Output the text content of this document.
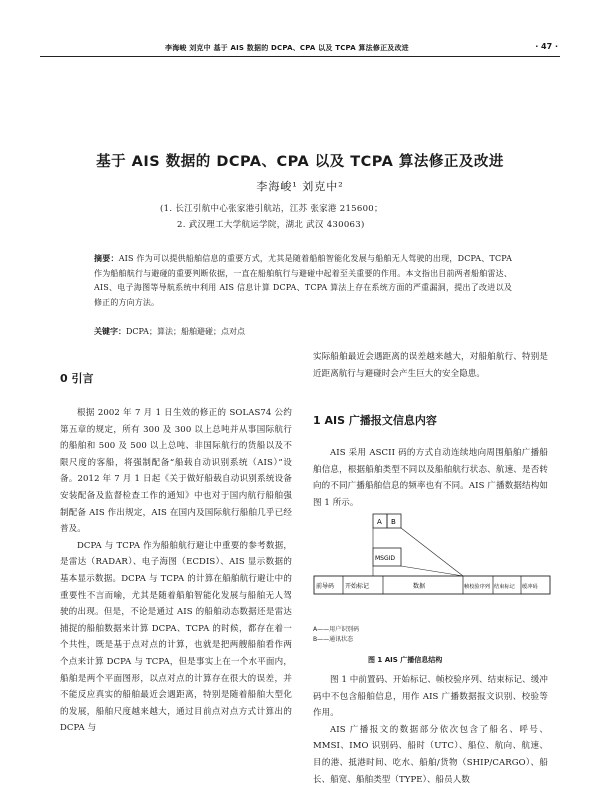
李海峻 刘克中 基于 AIS 数据的 DCPA、CPA 以及 TCPA 算法修正及改进	· 47 ·
基于 AIS 数据的 DCPA、CPA 以及 TCPA 算法修正及改进
李海峻¹ 刘克中²
(1. 长江引航中心张家港引航站，江苏 张家港 215600；
2. 武汉理工大学航运学院，湖北 武汉 430063)
摘要：AIS 作为可以提供船舶信息的重要方式，尤其是随着船舶智能化发展与船舶无人驾驶的出现，DCPA、TCPA 作为船舶航行与避碰的重要判断依据，一直在船舶航行与避碰中起着至关重要的作用。本文指出目前两者船舶雷达、AIS、电子海图等导航系统中利用 AIS 信息计算 DCPA、TCPA 算法上存在系统方面的严重漏洞，提出了改进以及修正的方向方法。
关键字：DCPA；算法；船舶避碰；点对点
0 引言

根据 2002 年 7 月 1 日生效的修正的 SOLAS74 公约第五章的规定，所有 300 及 300 以上总吨并从事国际航行的船舶和 500 及 500 以上总吨、非国际航行的货船以及不限尺度的客船，将强制配备“船载自动识别系统（AIS）”设备。2012 年 7 月 1 日起《关于做好船载自动识别系统设备安装配备及监督检查工作的通知》中也对于国内航行船舶强制配备 AIS 作出规定，AIS 在国内及国际航行船舶几乎已经普及。

DCPA 与 TCPA 作为船舶航行避让中重要的参考数据，是雷达（RADAR）、电子海图（ECDIS）、AIS 显示数据的基本显示数据。DCPA 与 TCPA 的计算在船舶航行避让中的重要性不言而喻，尤其是随着船舶智能化发展与船舶无人驾驶的出现。但是，不论是通过 AIS 的船舶动态数据还是雷达捕捉的船舶数据来计算 DCPA、TCPA 的时候，都存在着一个共性，既是基于点对点的计算，也就是把两艘船舶看作两个点来计算 DCPA 与 TCPA，但是事实上在一个水平面内，船舶是两个平面图形，以点对点的计算存在很大的误差，并不能反应真实的船舶最近会遇距离，特别是随着船舶大型化的发展，船舶尺度越来越大，通过目前点对点方式计算出的 DCPA 与

实际船舶最近会遇距离的误差越来越大，对船舶航行、特别是近距离航行与避碰时会产生巨大的安全隐患。

1 AIS 广播报文信息内容

AIS 采用 ASCII 码的方式自动连续地向周围船舶广播船舶信息，根据船舶类型不同以及船舶航行状态、航速、是否转向的不同广播船舶信息的频率也有不同。AIS 广播数据结构如图 1 所示。

A B
MSGID
前导码 开始标记	数据	帧校验序列 结束标记 缓冲码
A——用户识别码
B——通讯状态
图 1 AIS 广播信息结构

图 1 中前置码、开始标记、帧校验序列、结束标记、缓冲码中不包含船舶信息，用作 AIS 广播数据报文识别、校验等作用。

AIS 广播报文的数据部分依次包含了船名、呼号、MMSI、IMO 识别码、船时（UTC）、船位、航向、航速、目的港、抵港时间、吃水、船舶/货物（SHIP/CARGO）、船长、船宽、船舶类型（TYPE）、船员人数
